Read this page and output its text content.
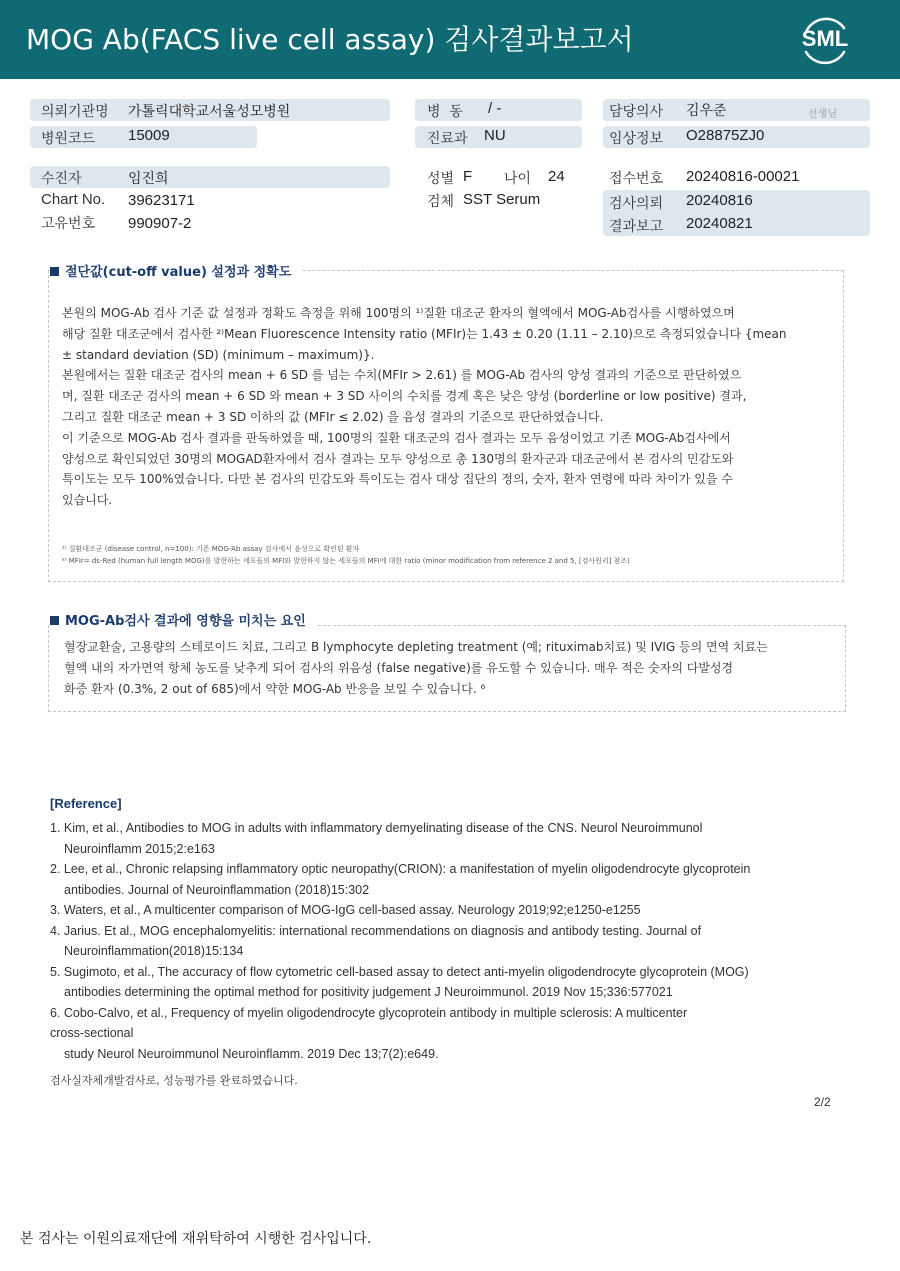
MOG Ab(FACS live cell assay) 검사결과보고서	SML
의뢰기관명 가톨릭대학교서울성모병원
병원코드 15009
병  동 / -
진료과 NU
담당의사 김우준	선생님
임상정보 O28875ZJ0
수진자	임진희
Chart No. 39623171
고유번호 990907-2
성별 F 나이 24
검체 SST Serum
접수번호 20240816-00021
검사의뢰 20240816
결과보고 20240821
절단값(cut-off value) 설정과 정확도

본원의 MOG-Ab 검사 기준 값 설정과 정확도 측정을 위해 100명의 ¹⁾질환 대조군 환자의 혈액에서 MOG-Ab검사를 시행하였으며

해당 질환 대조군에서 검사한 ²⁾Mean Fluorescence Intensity ratio (MFIr)는 1.43 ± 0.20 (1.11 – 2.10)으로 측정되었습니다 {mean

± standard deviation (SD) (minimum – maximum)}.

본원에서는 질환 대조군 검사의 mean + 6 SD 를 넘는 수치(MFIr > 2.61) 를 MOG-Ab 검사의 양성 결과의 기준으로 판단하였으

며, 질환 대조군 검사의 mean + 6 SD 와 mean + 3 SD 사이의 수치를 경계 혹은 낮은 양성 (borderline or low positive) 결과,

그리고 질환 대조군 mean + 3 SD 이하의 값 (MFIr ≤ 2.02) 을 음성 결과의 기준으로 판단하였습니다.

이 기준으로 MOG-Ab 검사 결과를 판독하였을 때, 100명의 질환 대조군의 검사 결과는 모두 음성이었고 기존 MOG-Ab검사에서

양성으로 확인되었던 30명의 MOGAD환자에서 검사 결과는 모두 양성으로 총 130명의 환자군과 대조군에서 본 검사의 민감도와

특이도는 모두 100%였습니다. 다만 본 검사의 민감도와 특이도는 검사 대상 집단의 정의, 숫자, 환자 연령에 따라 차이가 있을 수

있습니다.

¹⁾ 질환대조군 (disease control, n=100): 기존 MOG-Ab assay 검사에서 음성으로 확인된 환자
²⁾ MFIr= ds-Red (human full length MOG)를 발현하는 세포들의 MFI와 발현하지 않는 세포들의 MFI에 대한 ratio (minor modification from reference 2 and 5, [검사원리] 참조)
MOG-Ab검사 결과에 영향을 미치는 요인

혈장교환술, 고용량의 스테로이드 치료, 그리고 B lymphocyte depleting treatment (예; rituximab치료) 및 IVIG 등의 면역 치료는

혈액 내의 자가면역 항체 농도를 낮추게 되어 검사의 위음성 (false negative)를 유도할 수 있습니다. 매우 적은 숫자의 다발성경

화증 환자 (0.3%, 2 out of 685)에서 약한 MOG-Ab 반응을 보일 수 있습니다. ⁶

[Reference]
1. Kim, et al., Antibodies to MOG in adults with inflammatory demyelinating disease of the CNS. Neurol Neuroimmunol
Neuroinflamm 2015;2:e163
2. Lee, et al., Chronic relapsing inflammatory optic neuropathy(CRION): a manifestation of myelin oligodendrocyte glycoprotein
antibodies. Journal of Neuroinflammation (2018)15:302
3. Waters, et al., A multicenter comparison of MOG-IgG cell-based assay. Neurology 2019;92;e1250-e1255
4. Jarius. Et al., MOG encephalomyelitis: international recommendations on diagnosis and antibody testing. Journal of
Neuroinflammation(2018)15:134
5. Sugimoto, et al., The accuracy of flow cytometric cell-based assay to detect anti-myelin oligodendrocyte glycoprotein (MOG)
antibodies determining the optimal method for positivity judgement J Neuroimmunol. 2019 Nov 15;336:577021
6. Cobo-Calvo, et al., Frequency of myelin oligodendrocyte glycoprotein antibody in multiple sclerosis: A multicenter
cross-sectional
study Neurol Neuroimmunol Neuroinflamm. 2019 Dec 13;7(2):e649.
검사실자체개발검사로, 성능평가를 완료하였습니다.
2/2
본 검사는 이원의료재단에 재위탁하여 시행한 검사입니다.
